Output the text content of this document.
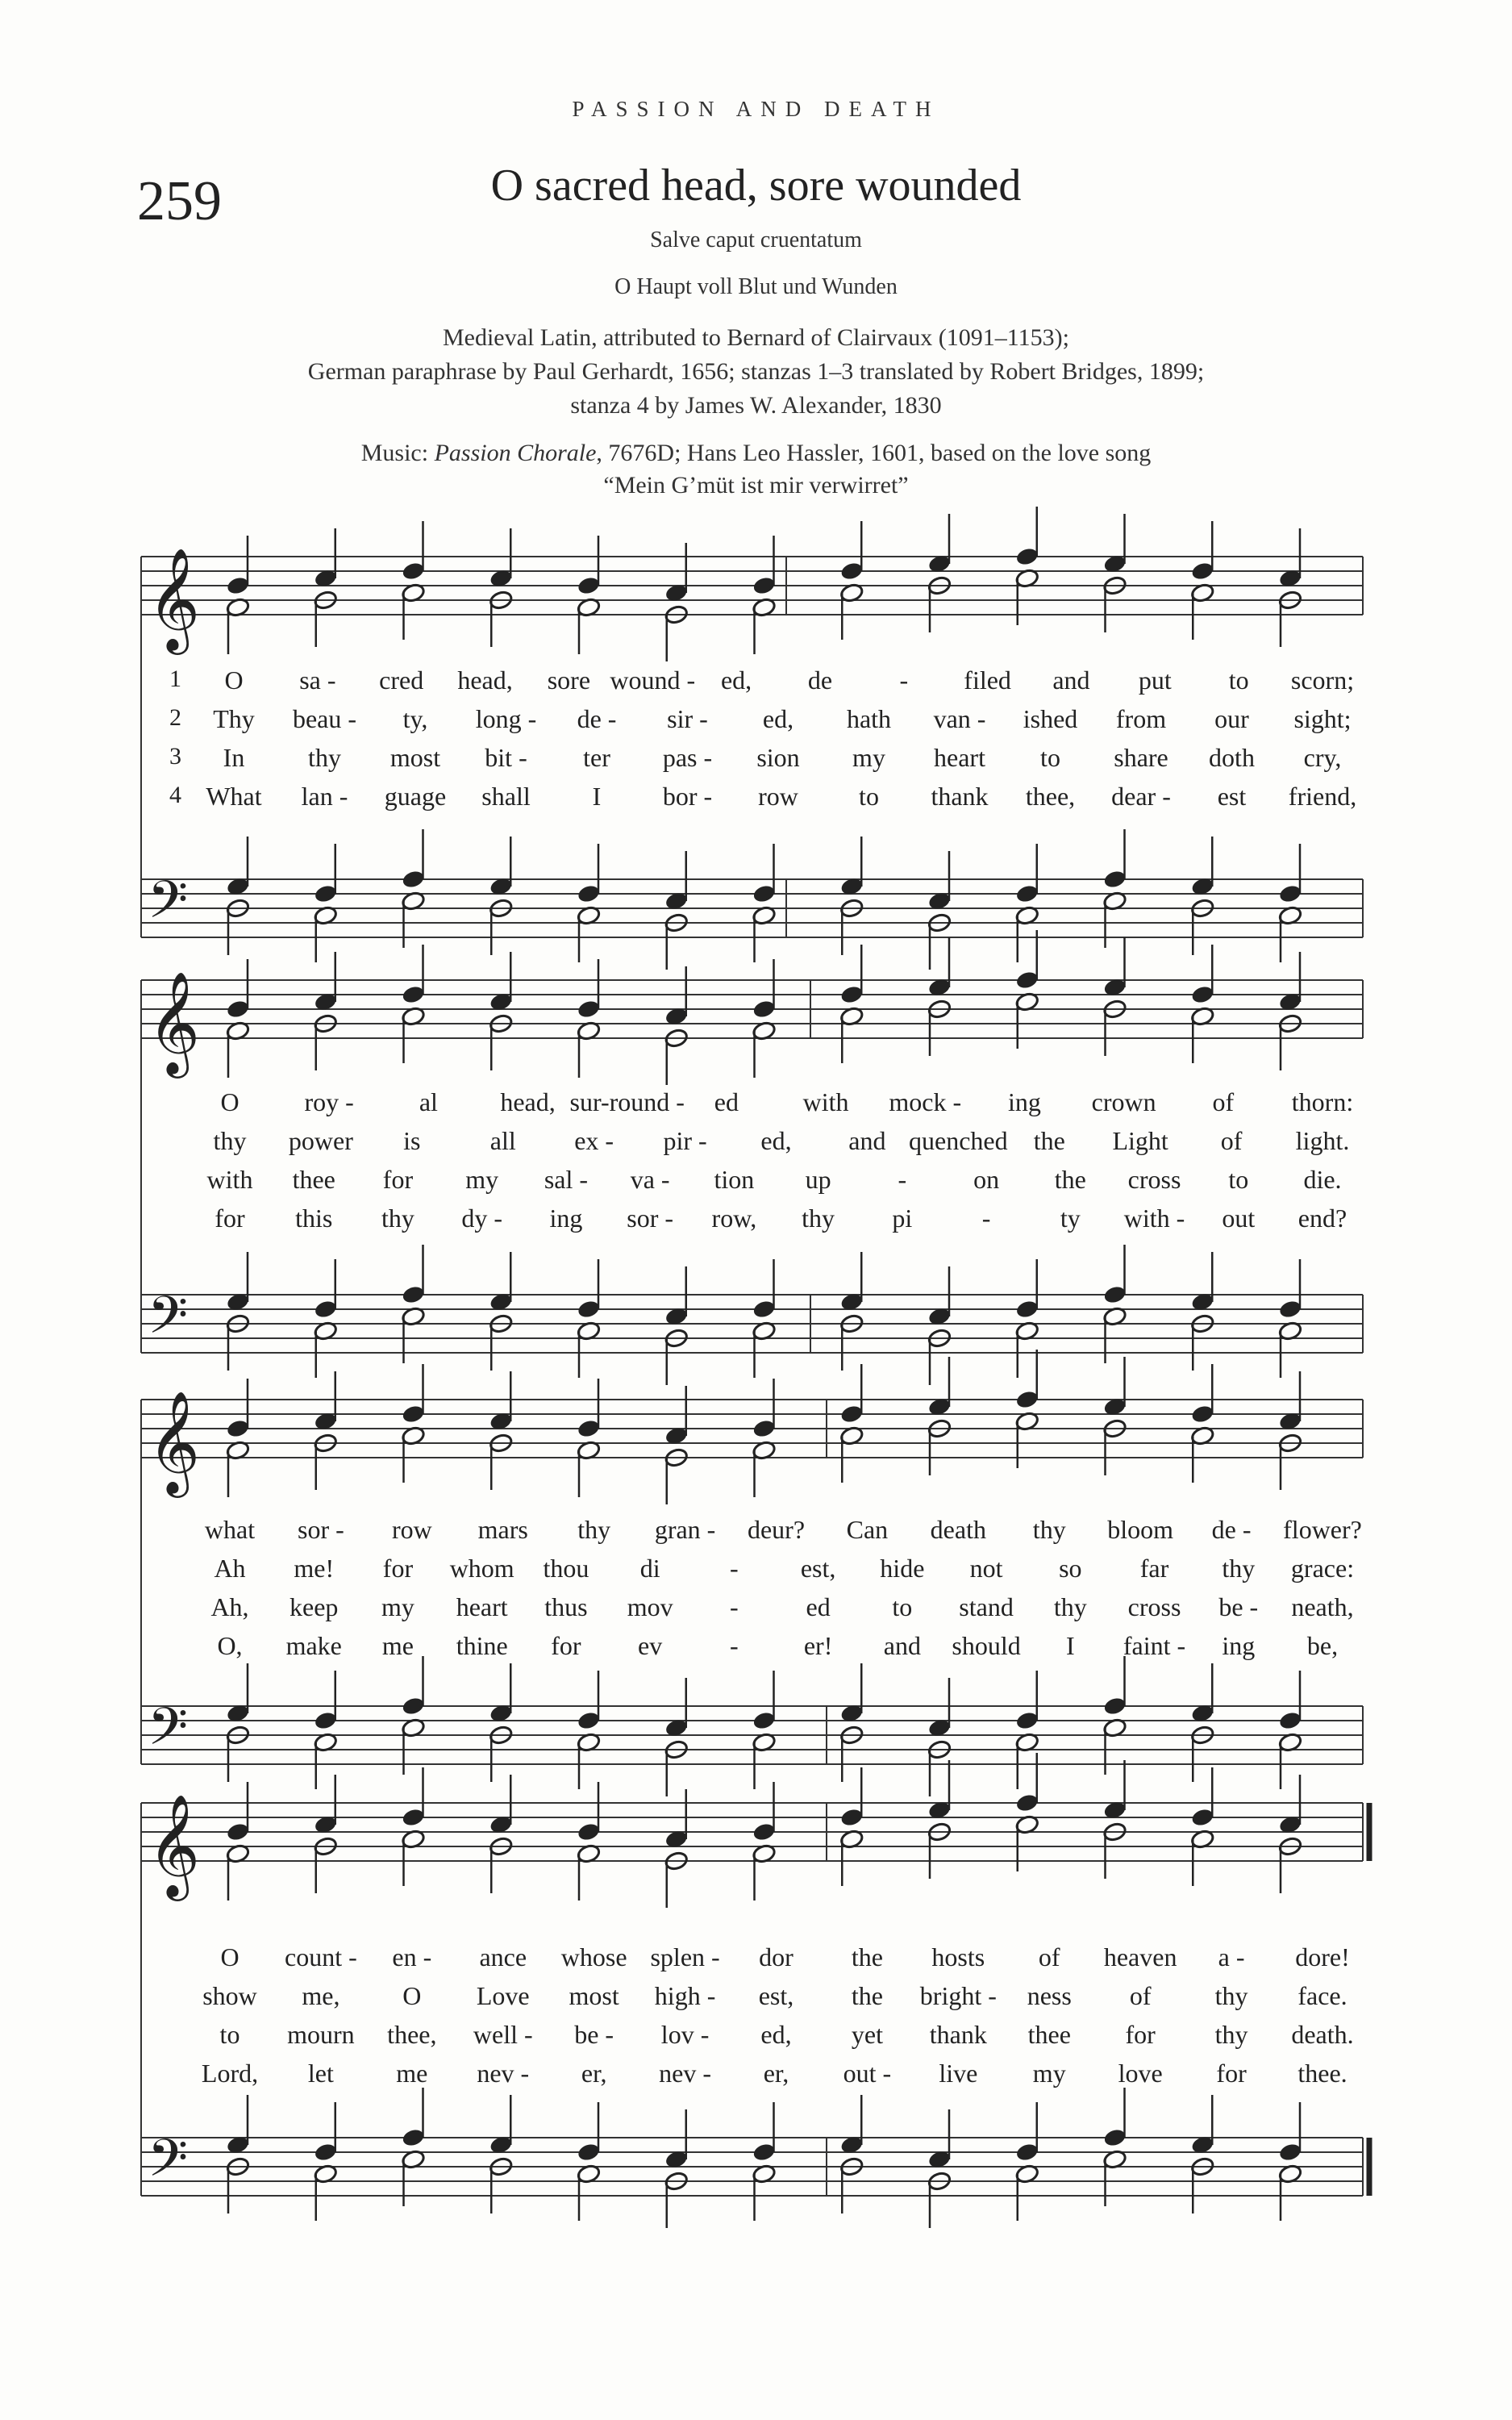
PASSION AND DEATH
259	O sacred head, sore wounded
Salve caput cruentatum
O Haupt voll Blut und Wunden
Medieval Latin, attributed to Bernard of Clairvaux (1091–1153);
German paraphrase by Paul Gerhardt, 1656; stanzas 1–3 translated by Robert Bridges, 1899;
stanza 4 by James W. Alexander, 1830
Music: Passion Chorale, 7676D; Hans Leo Hassler, 1601, based on the love song
“Mein G’müt ist mir verwirret”
𝄞
𝄢
𝄞
𝄢
𝄞
𝄢
𝄞
𝄢
1 O sa - cred head, sore wound - ed, de	- filed and put to scorn;
2 Thy beau - ty, long - de - sir - ed, hath van - ished from our sight;
3 In thy most bit - ter pas - sion my heart to share doth cry,
4 What lan - guage shall I bor - row to thank thee, dear - est friend,
O	roy -	al head, sur-round - ed with mock - ing crown of thorn:
thy power is	all ex - pir - ed, and quenched the Light of light.
with thee for my sal - va - tion up	-	on the cross to die.
for this thy dy - ing sor - row, thy pi	-	ty with - out end?
what sor - row mars thy gran - deur? Can death thy bloom de - flower?
Ah me! for whom thou di	- est, hide not so far thy grace:
Ah, keep my heart thus mov -	ed to stand thy cross be - neath,
O, make me thine for ev	-	er! and should I faint - ing be,
O count - en - ance whose splen - dor the hosts of heaven a - dore!
show me, O Love most high - est, the bright - ness of thy face.
to mourn thee, well - be - lov - ed, yet thank thee for thy death.
Lord, let me nev - er, nev - er, out - live my love for thee.
